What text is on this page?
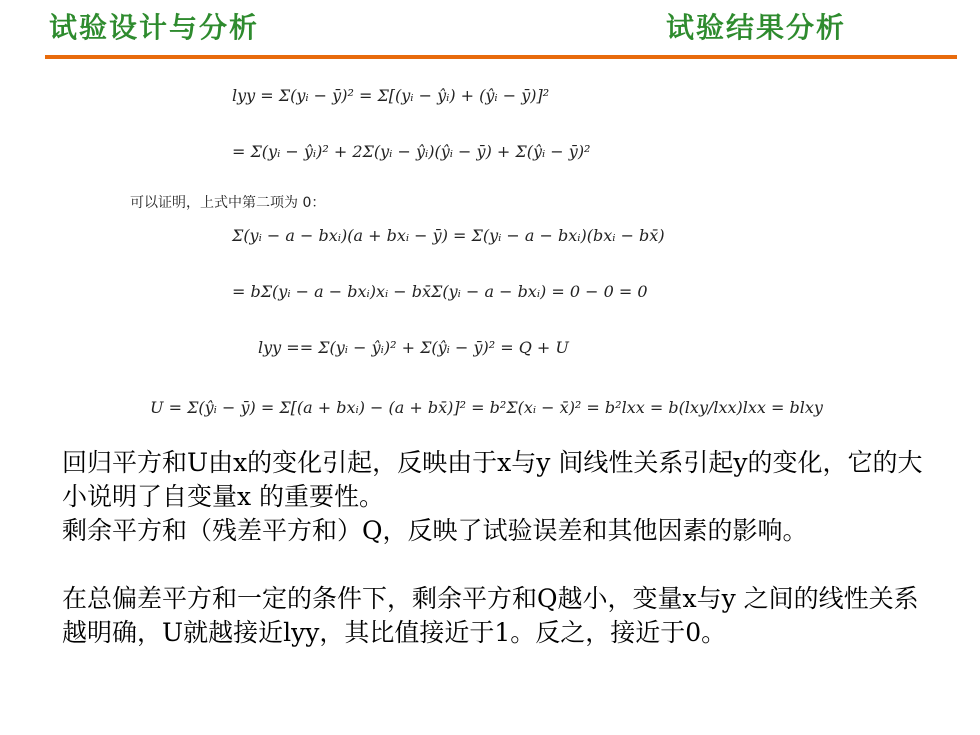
试验设计与分析	试验结果分析
lyy = Σ(yᵢ − ȳ)² = Σ[(yᵢ − ŷᵢ) + (ŷᵢ − ȳ)]²
= Σ(yᵢ − ŷᵢ)² + 2Σ(yᵢ − ŷᵢ)(ŷᵢ − ȳ) + Σ(ŷᵢ − ȳ)²
可以证明，上式中第二项为 0：
Σ(yᵢ − a − bxᵢ)(a + bxᵢ − ȳ) = Σ(yᵢ − a − bxᵢ)(bxᵢ − bx̄)
= bΣ(yᵢ − a − bxᵢ)xᵢ − bx̄Σ(yᵢ − a − bxᵢ) = 0 − 0 = 0
lyy == Σ(yᵢ − ŷᵢ)² + Σ(ŷᵢ − ȳ)² = Q + U
U = Σ(ŷᵢ − ȳ) = Σ[(a + bxᵢ) − (a + bx̄)]² = b²Σ(xᵢ − x̄)² = b²lxx = b(lxy/lxx)lxx = blxy
回归平方和U由x的变化引起，反映由于x与y 间线性关系引起y的变化，它的大小说明了自变量x 的重要性。
剩余平方和（残差平方和）Q，反映了试验误差和其他因素的影响。
在总偏差平方和一定的条件下，剩余平方和Q越小，变量x与y 之间的线性关系越明确，U就越接近lyy，其比值接近于1。反之，接近于0。
